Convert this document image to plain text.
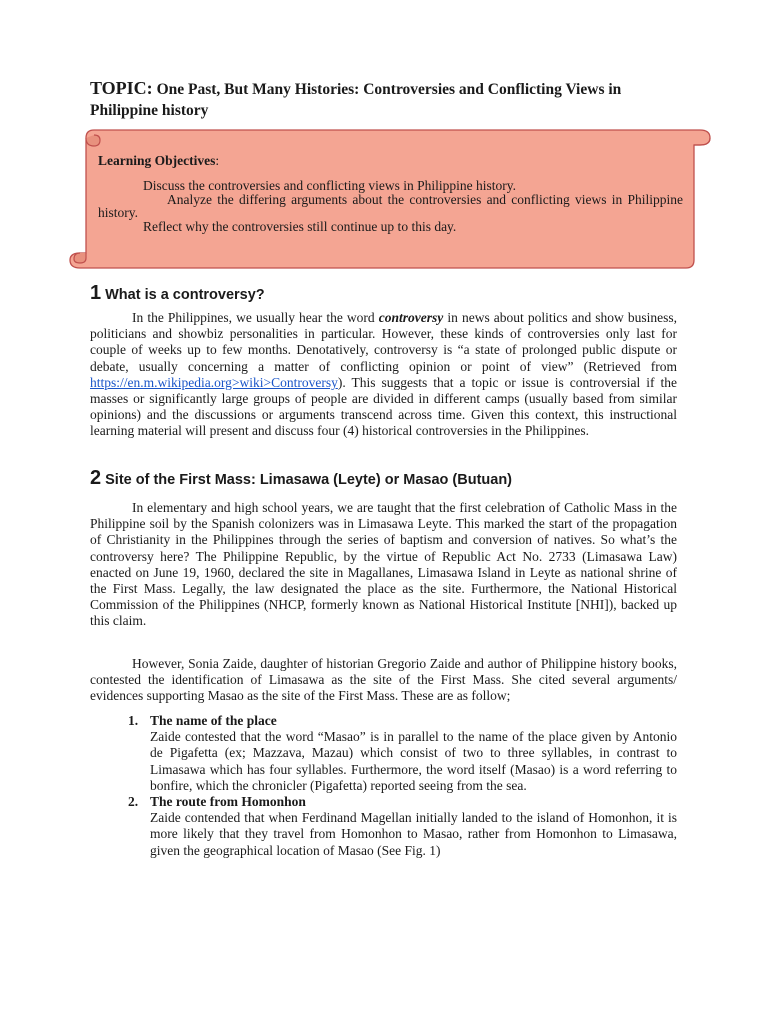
TOPIC: One Past, But Many Histories: Controversies and Conflicting Views in Philippine history
Learning Objectives:
Discuss the controversies and conflicting views in Philippine history.
Analyze the differing arguments about the controversies and conflicting views in Philippine history.
Reflect why the controversies still continue up to this day.
1 What is a controversy?

In the Philippines, we usually hear the word controversy in news about politics and show business, politicians and showbiz personalities in particular. However, these kinds of controversies only last for couple of weeks up to few months. Denotatively, controversy is “a state of prolonged public dispute or debate, usually concerning a matter of conflicting opinion or point of view” (Retrieved from https://en.m.wikipedia.org>wiki>Controversy). This suggests that a topic or issue is controversial if the masses or significantly large groups of people are divided in different camps (usually based from similar opinions) and the discussions or arguments transcend across time. Given this context, this instructional learning material will present and discuss four (4) historical controversies in the Philippines.

2 Site of the First Mass: Limasawa (Leyte) or Masao (Butuan)

In elementary and high school years, we are taught that the first celebration of Catholic Mass in the Philippine soil by the Spanish colonizers was in Limasawa Leyte. This marked the start of the propagation of Christianity in the Philippines through the series of baptism and conversion of natives. So what’s the controversy here? The Philippine Republic, by the virtue of Republic Act No. 2733 (Limasawa Law) enacted on June 19, 1960, declared the site in Magallanes, Limasawa Island in Leyte as national shrine of the First Mass. Legally, the law designated the place as the site. Furthermore, the National Historical Commission of the Philippines (NHCP, formerly known as National Historical Institute [NHI]), backed up this claim.

However, Sonia Zaide, daughter of historian Gregorio Zaide and author of Philippine history books, contested the identification of Limasawa as the site of the First Mass. She cited several arguments/ evidences supporting Masao as the site of the First Mass. These are as follow;

1. The name of the place
Zaide contested that the word “Masao” is in parallel to the name of the place given by Antonio de Pigafetta (ex; Mazzava, Mazau) which consist of two to three syllables, in contrast to Limasawa which has four syllables. Furthermore, the word itself (Masao) is a word referring to bonfire, which the chronicler (Pigafetta) reported seeing from the sea.
2. The route from Homonhon
Zaide contended that when Ferdinand Magellan initially landed to the island of Homonhon, it is more likely that they travel from Homonhon to Masao, rather from Homonhon to Limasawa, given the geographical location of Masao (See Fig. 1)
